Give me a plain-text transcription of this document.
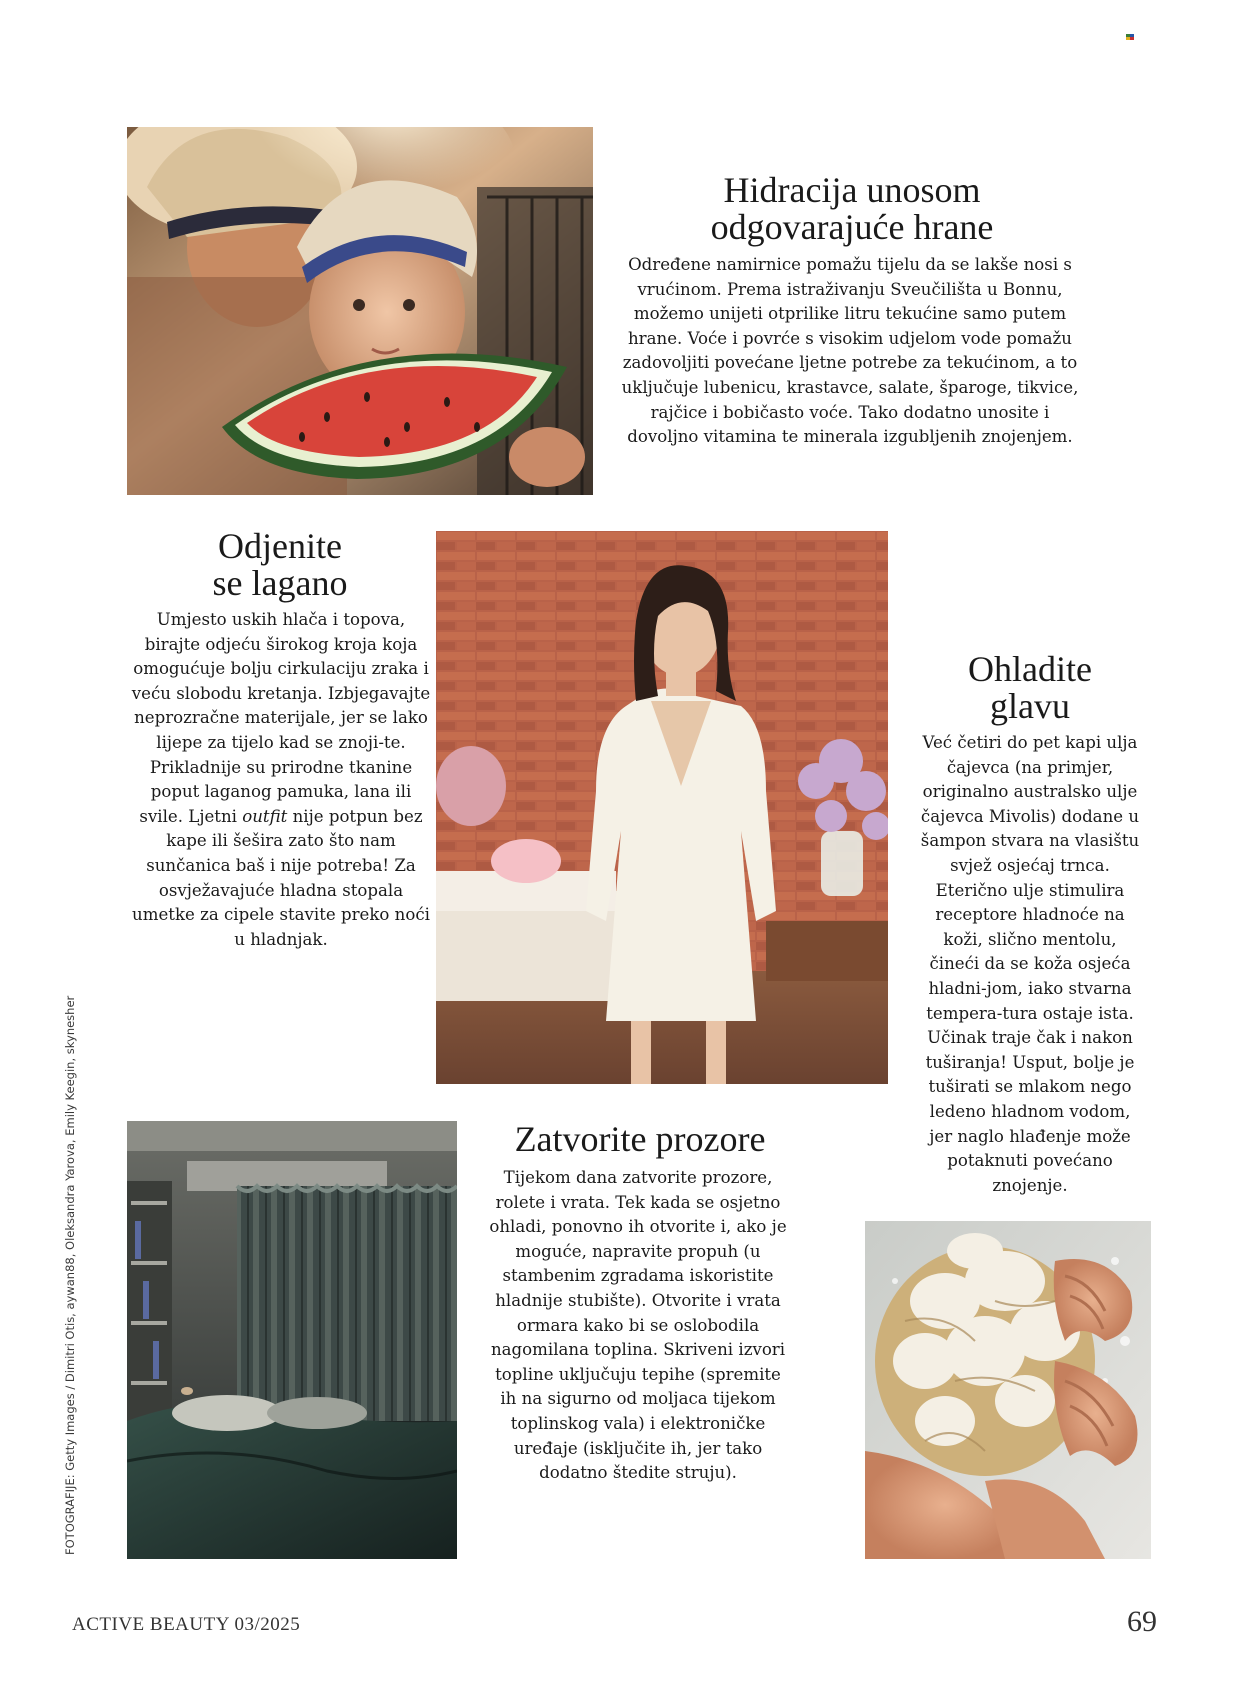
Hidracija unosom
odgovarajuće hrane

Određene namirnice pomažu tijelu da se lakše nosi s vrućinom. Prema istraživanju Sveučilišta u Bonnu, možemo unijeti otprilike litru tekućine samo putem hrane. Voće i povrće s visokim udjelom vode pomažu zadovoljiti povećane ljetne potrebe za tekućinom, a to uključuje lubenicu, krastavce, salate, šparoge, tikvice, rajčice i bobičasto voće. Tako dodatno unosite i dovoljno vitamina te minerala izgubljenih znojenjem.

Odjenite
se lagano

Umjesto uskih hlača i topova, birajte odjeću širokog kroja koja omogućuje bolju cirkulaciju zraka i veću slobodu kretanja. Izbjegavajte neprozračne materijale, jer se lako lijepe za tijelo kad se znoji-te. Prikladnije su prirodne tkanine poput laganog pamuka, lana ili svile. Ljetni outfit nije potpun bez kape ili šešira zato što nam sunčanica baš i nije potreba! Za osvježavajuće hladna stopala umetke za cipele stavite preko noći u hladnjak.

Ohladite
glavu

Već četiri do pet kapi ulja čajevca (na primjer, originalno australsko ulje čajevca Mivolis) dodane u šampon stvara na vlasištu svjež osjećaj trnca. Eterično ulje stimulira receptore hladnoće na koži, slično mentolu, čineći da se koža osjeća hladni-jom, iako stvarna tempera-tura ostaje ista. Učinak traje čak i nakon tuširanja! Usput, bolje je tuširati se mlakom nego ledeno hladnom vodom, jer naglo hlađenje može potaknuti povećano znojenje.

Zatvorite prozore

Tijekom dana zatvorite prozore, rolete i vrata. Tek kada se osjetno ohladi, ponovno ih otvorite i, ako je moguće, napravite propuh (u stambenim zgradama iskoristite hladnije stubište). Otvorite i vrata ormara kako bi se oslobodila nagomilana toplina. Skriveni izvori topline uključuju tepihe (spremite ih na sigurno od moljaca tijekom toplinskog vala) i elektroničke uređaje (isključite ih, jer tako dodatno štedite struju).

FOTOGRAFIJE: Getty Images / Dimitri Otis, aywan88, Oleksandra Yarova, Emily Keegin, skynesher
ACTIVE BEAUTY 03/2025	69
